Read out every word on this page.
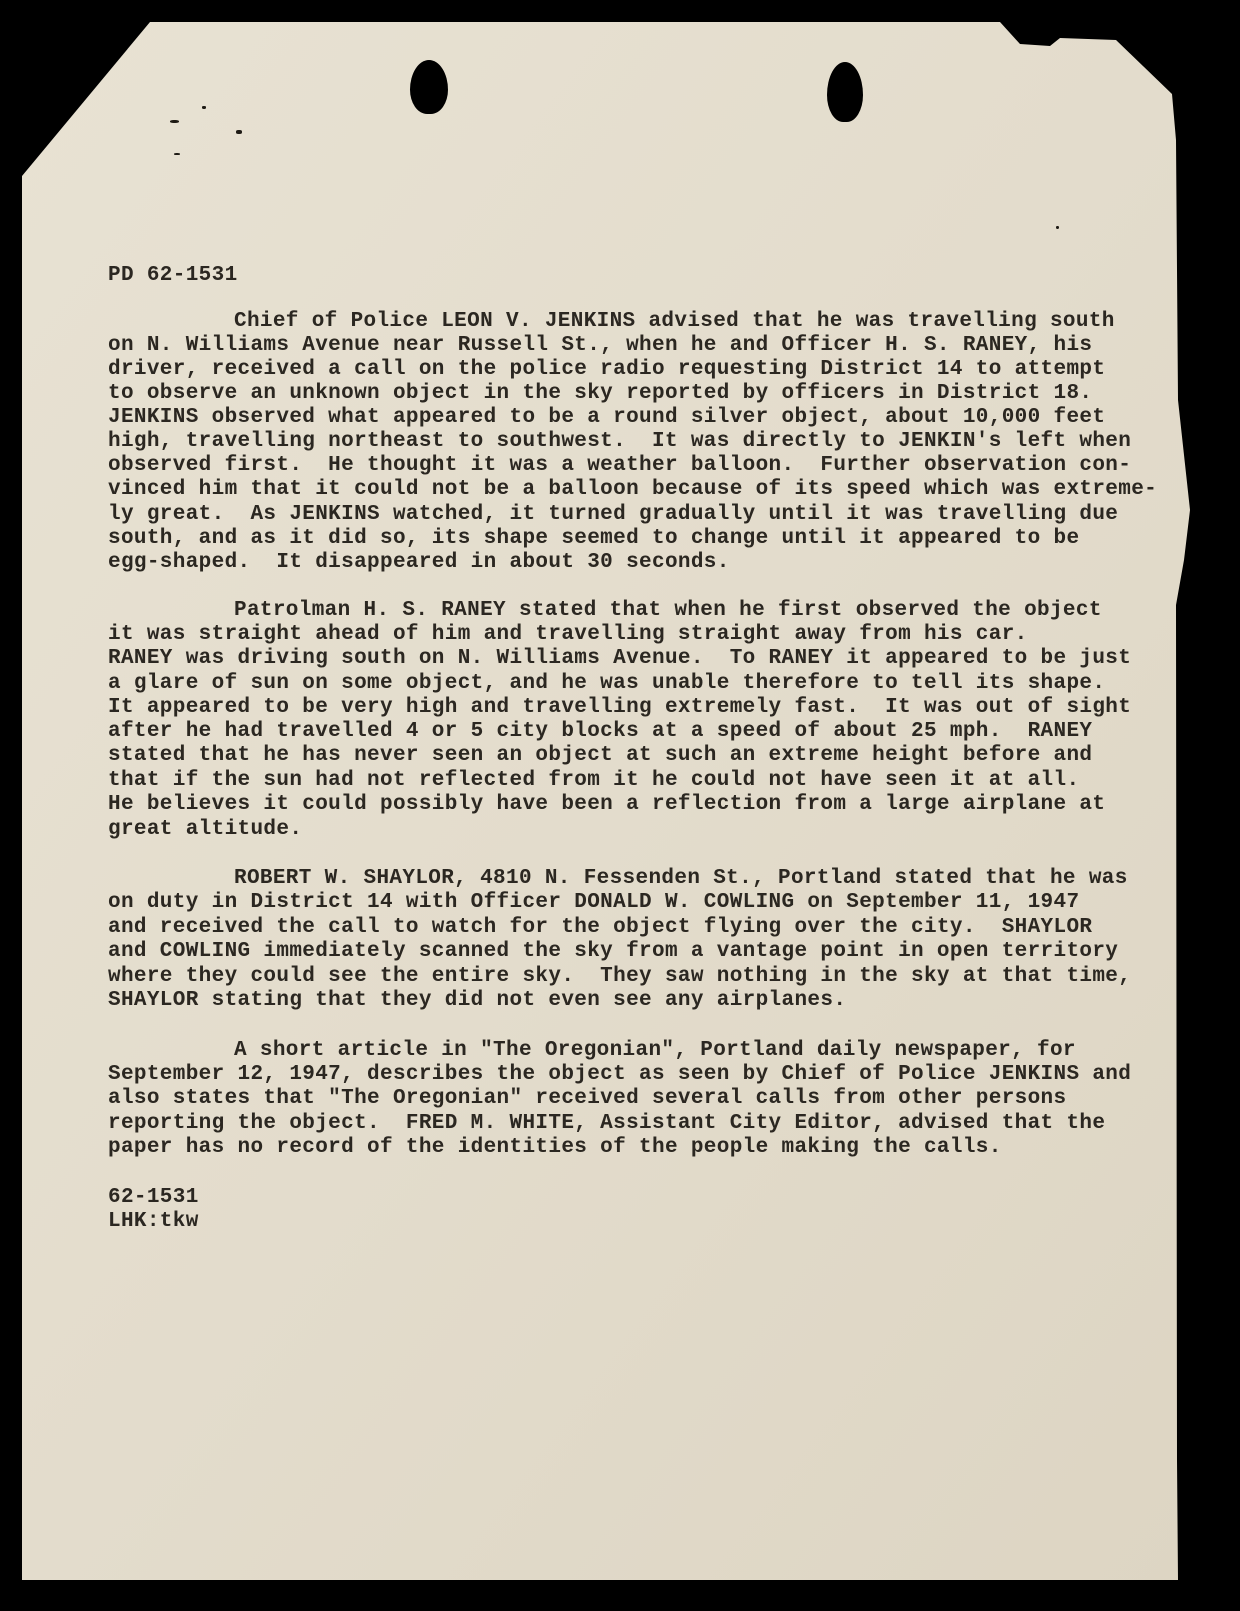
PD 62-1531
Chief of Police LEON V. JENKINS advised that he was travelling south
on N. Williams Avenue near Russell St., when he and Officer H. S. RANEY, his
driver, received a call on the police radio requesting District 14 to attempt
to observe an unknown object in the sky reported by officers in District 18.
JENKINS observed what appeared to be a round silver object, about 10,000 feet
high, travelling northeast to southwest.  It was directly to JENKIN's left when
observed first.  He thought it was a weather balloon.  Further observation con-
vinced him that it could not be a balloon because of its speed which was extreme-
ly great.  As JENKINS watched, it turned gradually until it was travelling due
south, and as it did so, its shape seemed to change until it appeared to be
egg-shaped.  It disappeared in about 30 seconds.
Patrolman H. S. RANEY stated that when he first observed the object
it was straight ahead of him and travelling straight away from his car.
RANEY was driving south on N. Williams Avenue.  To RANEY it appeared to be just
a glare of sun on some object, and he was unable therefore to tell its shape.
It appeared to be very high and travelling extremely fast.  It was out of sight
after he had travelled 4 or 5 city blocks at a speed of about 25 mph.  RANEY
stated that he has never seen an object at such an extreme height before and
that if the sun had not reflected from it he could not have seen it at all.
He believes it could possibly have been a reflection from a large airplane at
great altitude.
ROBERT W. SHAYLOR, 4810 N. Fessenden St., Portland stated that he was
on duty in District 14 with Officer DONALD W. COWLING on September 11, 1947
and received the call to watch for the object flying over the city.  SHAYLOR
and COWLING immediately scanned the sky from a vantage point in open territory
where they could see the entire sky.  They saw nothing in the sky at that time,
SHAYLOR stating that they did not even see any airplanes.
A short article in "The Oregonian", Portland daily newspaper, for
September 12, 1947, describes the object as seen by Chief of Police JENKINS and
also states that "The Oregonian" received several calls from other persons
reporting the object.  FRED M. WHITE, Assistant City Editor, advised that the
paper has no record of the identities of the people making the calls.
62-1531
LHK:tkw
